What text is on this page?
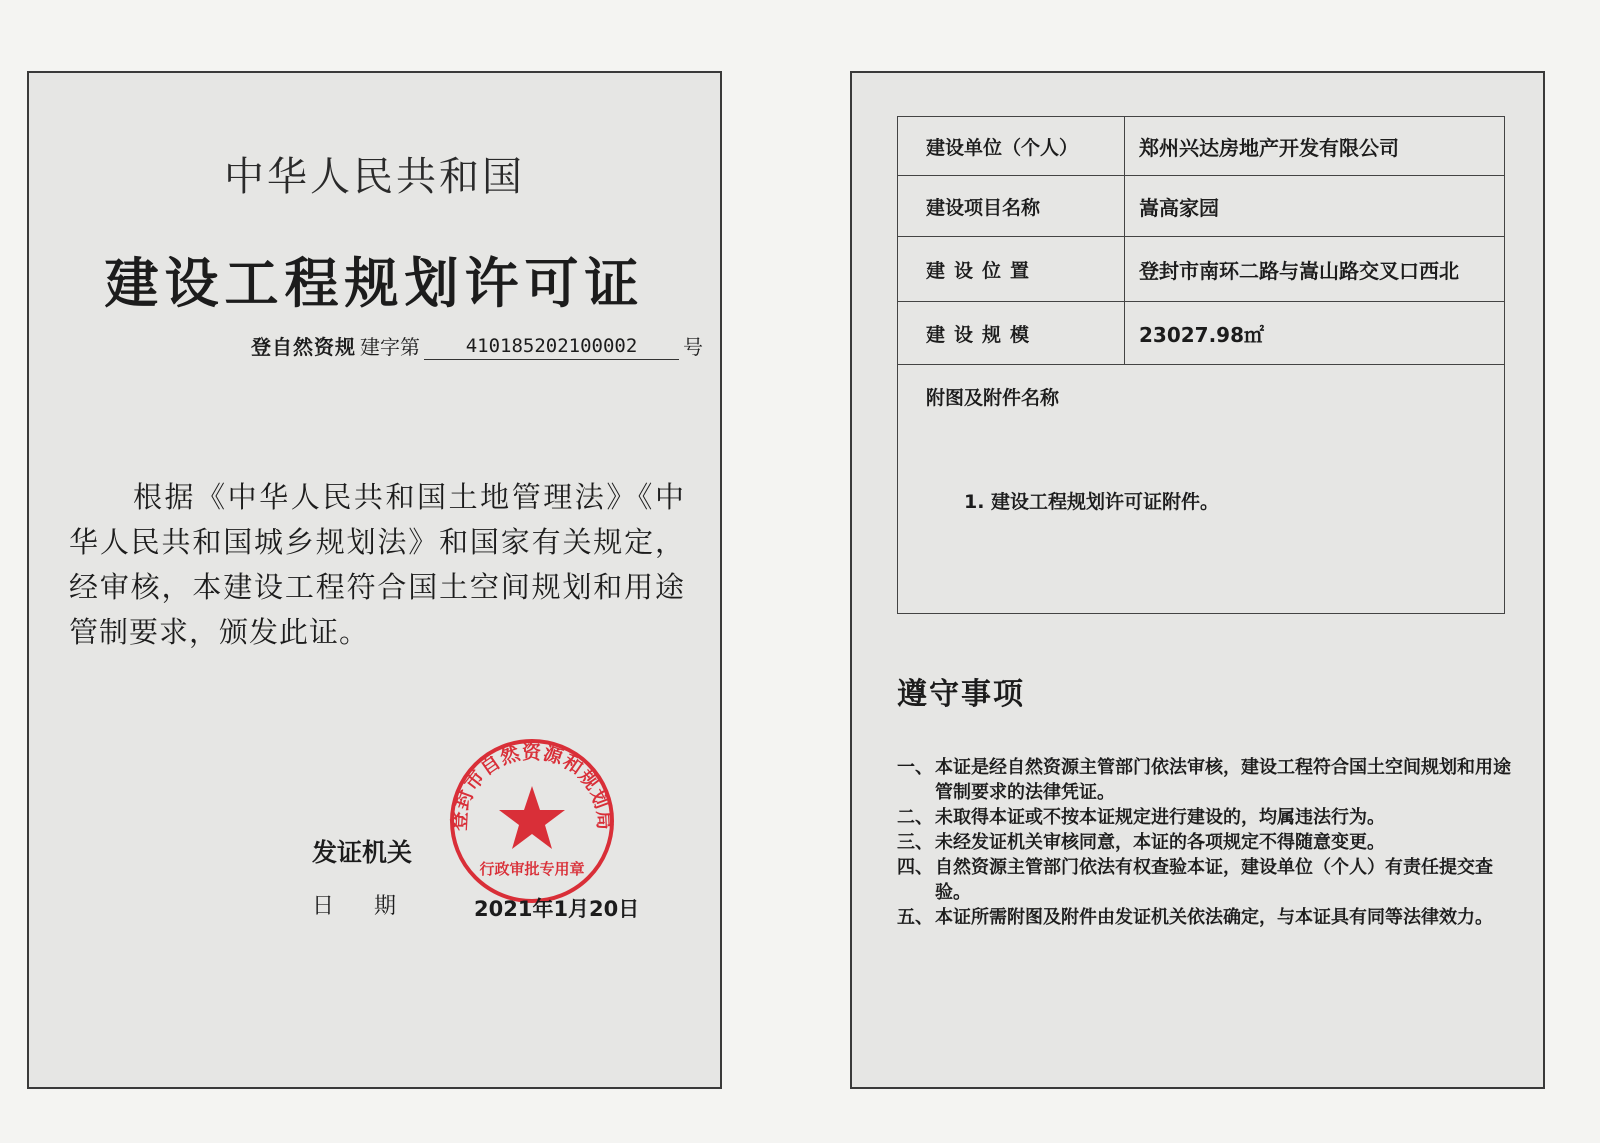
中华人民共和国
建设工程规划许可证
登自然资规 建字第	410185202100002	号

根据《中华人民共和国土地管理法》《中华人民共和国城乡规划法》和国家有关规定，经审核，本建设工程符合国土空间规划和用途管制要求，颁发此证。

发证机关
日期 2021年1月20日
登封市自然资源和规划局
行政审批专用章
建设单位（个人）	郑州兴达房地产开发有限公司
建设项目名称	嵩高家园
建设位置	登封市南环二路与嵩山路交叉口西北
建设规模	23027.98㎡

附图及附件名称
1. 建设工程规划许可证附件。	
遵守事项
一、 本证是经自然资源主管部门依法审核，建设工程符合国土空间规划和用途管制要求的法律凭证。
二、 未取得本证或不按本证规定进行建设的，均属违法行为。
三、 未经发证机关审核同意，本证的各项规定不得随意变更。
四、 自然资源主管部门依法有权查验本证，建设单位（个人）有责任提交查验。
五、 本证所需附图及附件由发证机关依法确定，与本证具有同等法律效力。
